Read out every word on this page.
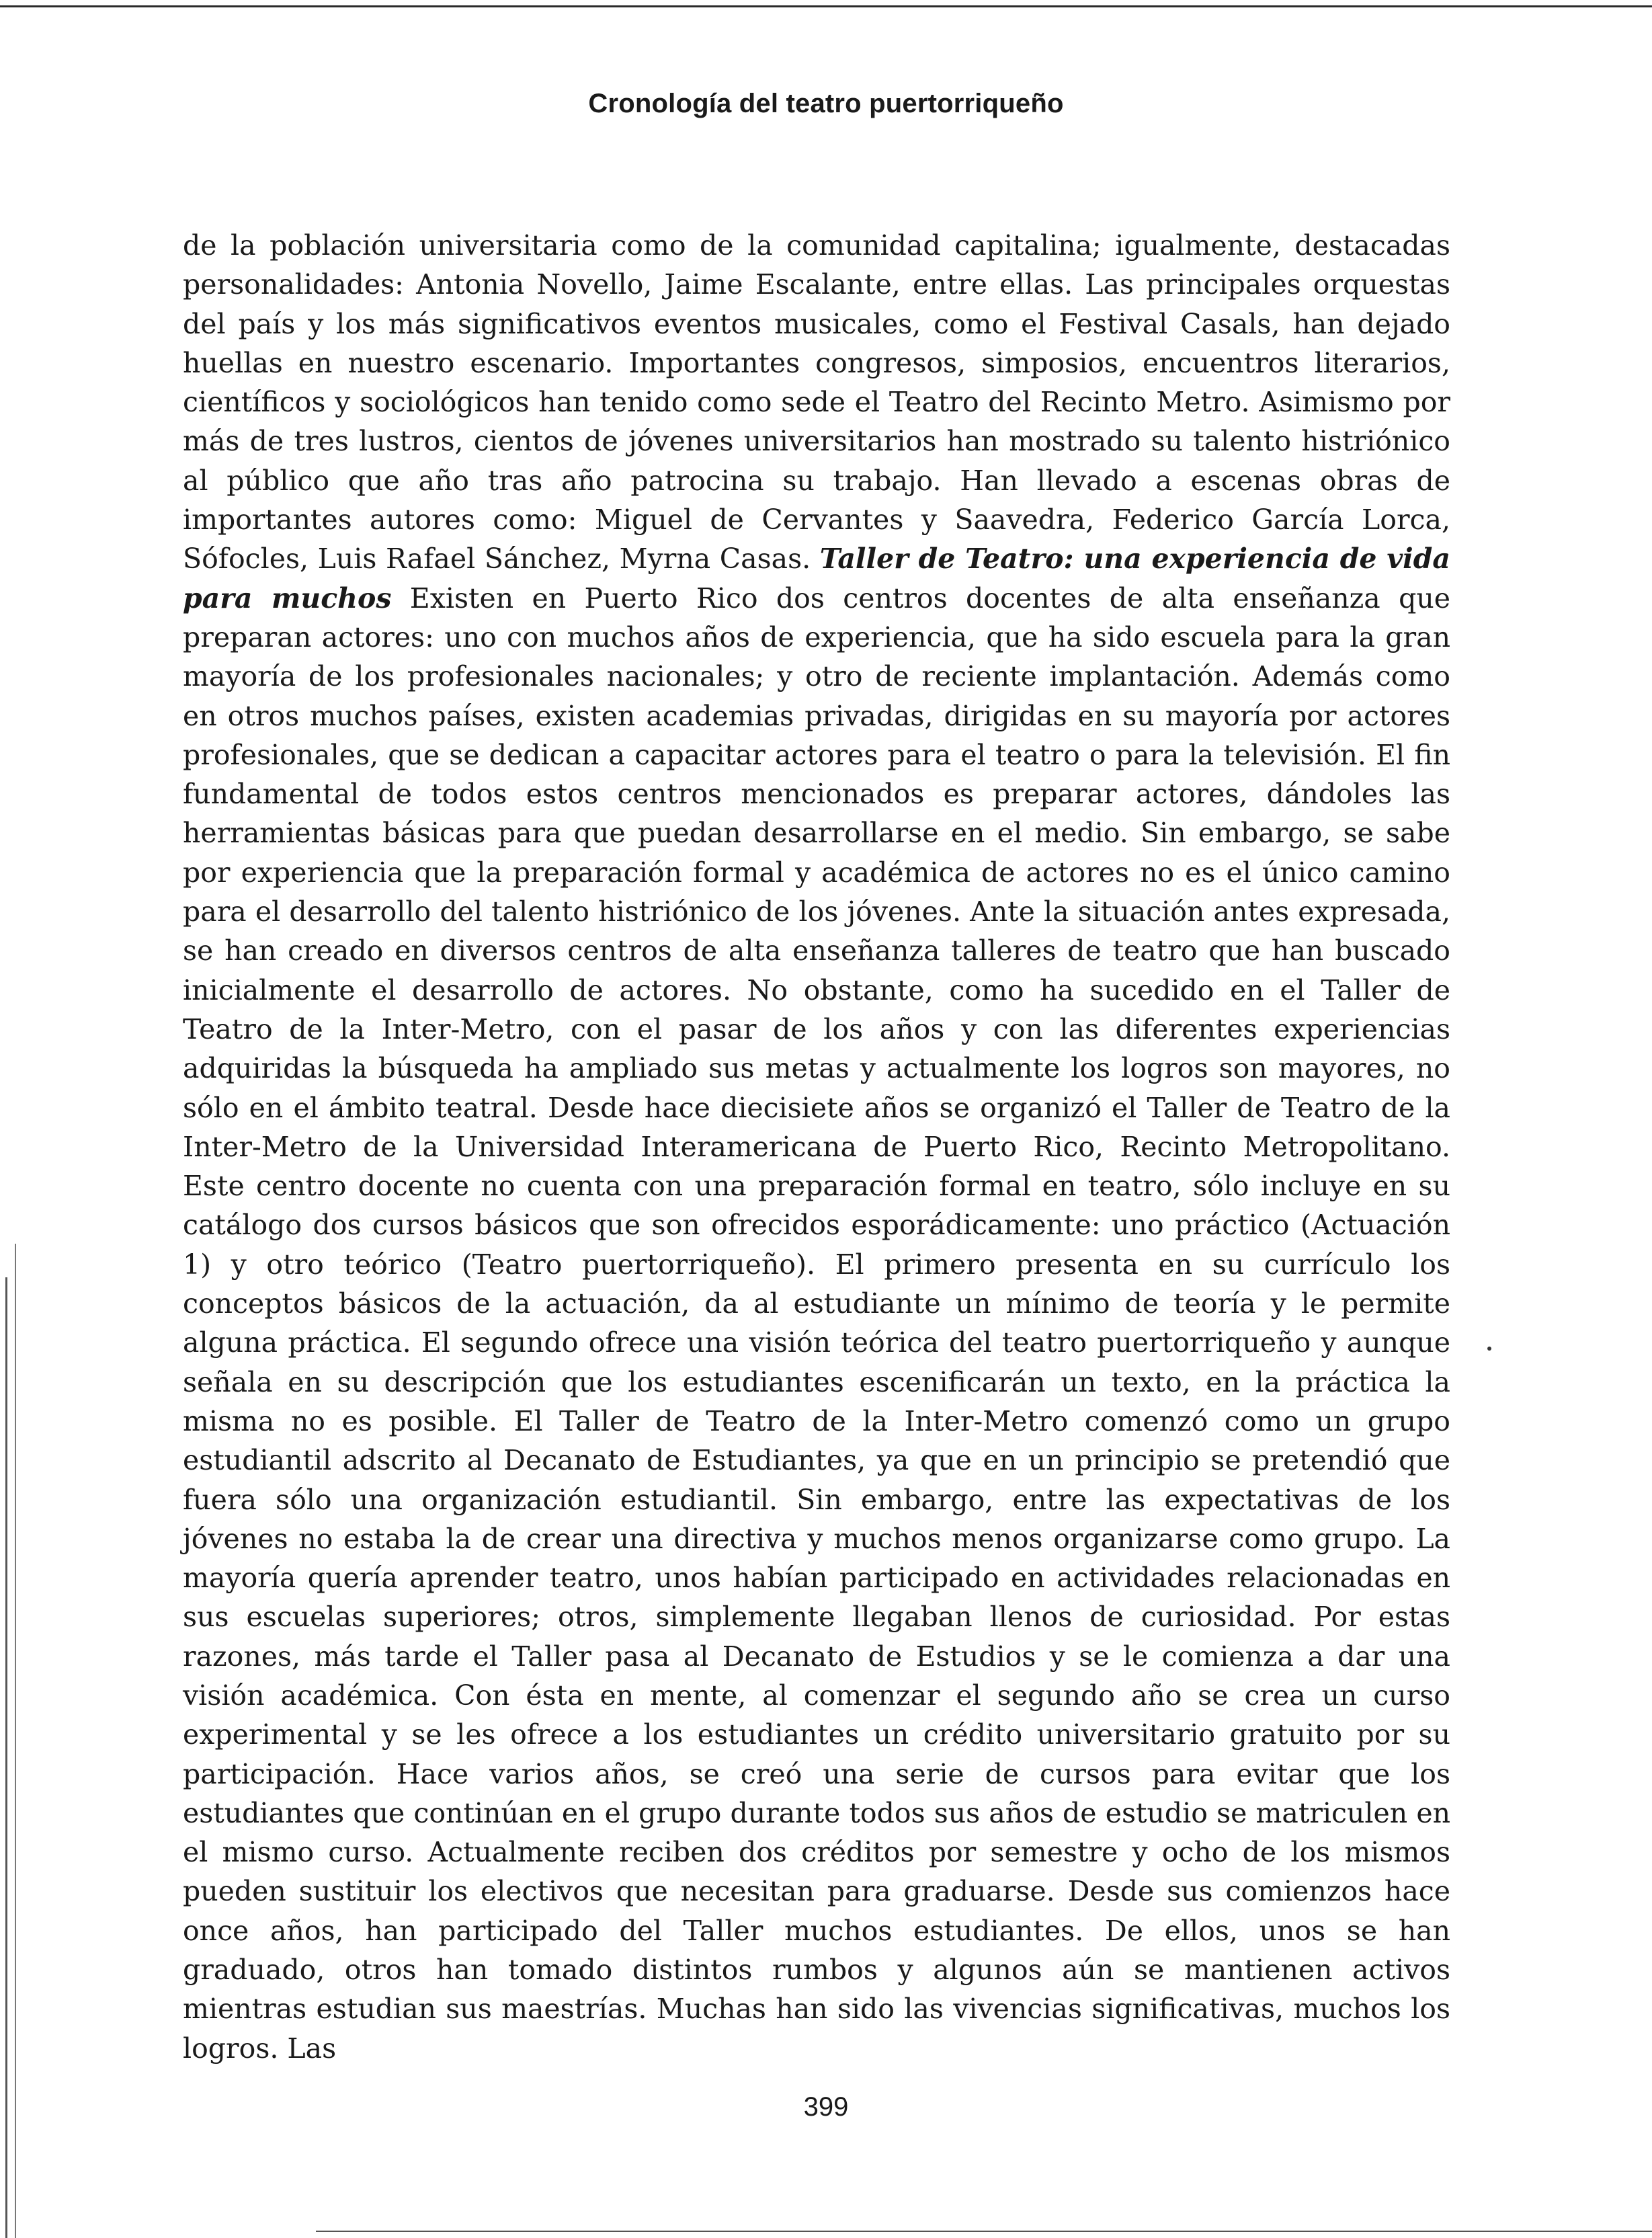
Cronología del teatro puertorriqueño

de la población universitaria como de la comunidad capitalina; igualmente, destacadas personalidades: Antonia Novello, Jaime Escalante, entre ellas. Las principales orquestas del país y los más significativos eventos musicales, como el Festival Casals, han dejado huellas en nuestro escenario. Importantes congresos, simposios, encuentros literarios, científicos y sociológicos han tenido como sede el Teatro del Recinto Metro. Asimismo por más de tres lustros, cientos de jóvenes universitarios han mostrado su talento histriónico al público que año tras año patrocina su trabajo. Han llevado a escenas obras de importantes autores como: Miguel de Cervantes y Saavedra, Federico García Lorca, Sófocles, Luis Rafael Sánchez, Myrna Casas. Taller de Teatro: una experiencia de vida para muchos Existen en Puerto Rico dos centros docentes de alta enseñanza que preparan actores: uno con muchos años de experiencia, que ha sido escuela para la gran mayoría de los profesionales nacionales; y otro de reciente implantación. Además como en otros muchos países, existen academias privadas, dirigidas en su mayoría por actores profesionales, que se dedican a capacitar actores para el teatro o para la televisión. El fin fundamental de todos estos centros mencionados es preparar actores, dándoles las herramientas básicas para que puedan desarrollarse en el medio. Sin embargo, se sabe por experiencia que la preparación formal y académica de actores no es el único camino para el desarrollo del talento histriónico de los jóvenes. Ante la situación antes expresada, se han creado en diversos centros de alta enseñanza talleres de teatro que han buscado inicialmente el desarrollo de actores. No obstante, como ha sucedido en el Taller de Teatro de la Inter-Metro, con el pasar de los años y con las diferentes experiencias adquiridas la búsqueda ha ampliado sus metas y actualmente los logros son mayores, no sólo en el ámbito teatral. Desde hace diecisiete años se organizó el Taller de Teatro de la Inter-Metro de la Universidad Interamericana de Puerto Rico, Recinto Metropolitano. Este centro docente no cuenta con una preparación formal en teatro, sólo incluye en su catálogo dos cursos básicos que son ofrecidos esporádicamente: uno práctico (Actuación 1) y otro teórico (Teatro puertorriqueño). El primero presenta en su currículo los conceptos básicos de la actuación, da al estudiante un mínimo de teoría y le permite alguna práctica. El segundo ofrece una visión teórica del teatro puertorriqueño y aunque señala en su descripción que los estudiantes escenificarán un texto, en la práctica la misma no es posible. El Taller de Teatro de la Inter-Metro comenzó como un grupo estudiantil adscrito al Decanato de Estudiantes, ya que en un principio se pretendió que fuera sólo una organización estudiantil. Sin embargo, entre las expectativas de los jóvenes no estaba la de crear una directiva y muchos menos organizarse como grupo. La mayoría quería aprender teatro, unos habían participado en actividades relacionadas en sus escuelas superiores; otros, simplemente llegaban llenos de curiosidad. Por estas razones, más tarde el Taller pasa al Decanato de Estudios y se le comienza a dar una visión académica. Con ésta en mente, al comenzar el segundo año se crea un curso experimental y se les ofrece a los estudiantes un crédito universitario gratuito por su participación. Hace varios años, se creó una serie de cursos para evitar que los estudiantes que continúan en el grupo durante todos sus años de estudio se matriculen en el mismo curso. Actualmente reciben dos créditos por semestre y ocho de los mismos pueden sustituir los electivos que necesitan para graduarse. Desde sus comienzos hace once años, han participado del Taller muchos estudiantes. De ellos, unos se han graduado, otros han tomado distintos rumbos y algunos aún se mantienen activos mientras estudian sus maestrías. Muchas han sido las vivencias significativas, muchos los logros. Las

399
